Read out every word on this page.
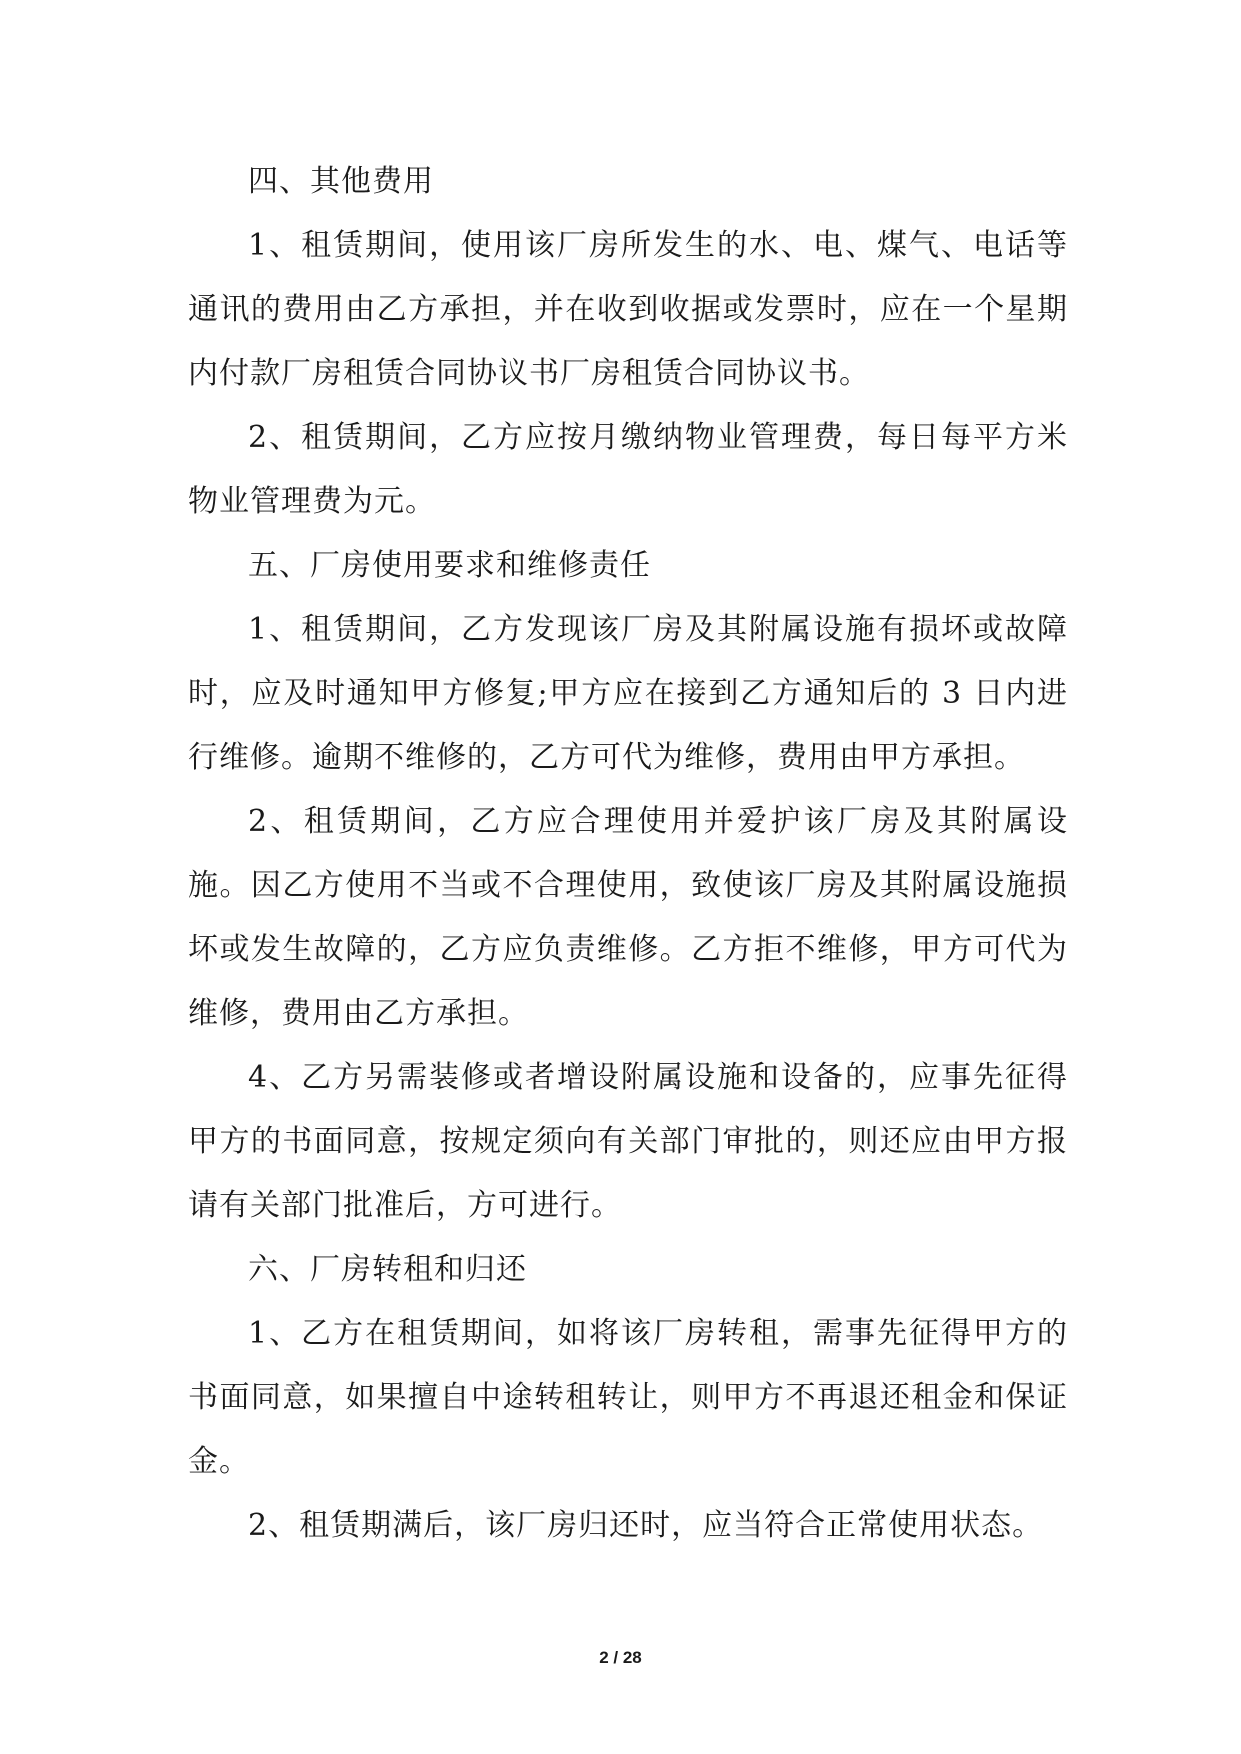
四、其他费用

1、租赁期间，使用该厂房所发生的水、电、煤气、电话等通讯的费用由乙方承担，并在收到收据或发票时，应在一个星期内付款厂房租赁合同协议书厂房租赁合同协议书。

2、租赁期间，乙方应按月缴纳物业管理费，每日每平方米物业管理费为元。

五、厂房使用要求和维修责任

1、租赁期间，乙方发现该厂房及其附属设施有损坏或故障时，应及时通知甲方修复;甲方应在接到乙方通知后的 3 日内进行维修。逾期不维修的，乙方可代为维修，费用由甲方承担。

2、租赁期间，乙方应合理使用并爱护该厂房及其附属设施。因乙方使用不当或不合理使用，致使该厂房及其附属设施损坏或发生故障的，乙方应负责维修。乙方拒不维修，甲方可代为维修，费用由乙方承担。

4、乙方另需装修或者增设附属设施和设备的，应事先征得甲方的书面同意，按规定须向有关部门审批的，则还应由甲方报请有关部门批准后，方可进行。

六、厂房转租和归还

1、乙方在租赁期间，如将该厂房转租，需事先征得甲方的书面同意，如果擅自中途转租转让，则甲方不再退还租金和保证金。

2、租赁期满后，该厂房归还时，应当符合正常使用状态。

2 / 28
